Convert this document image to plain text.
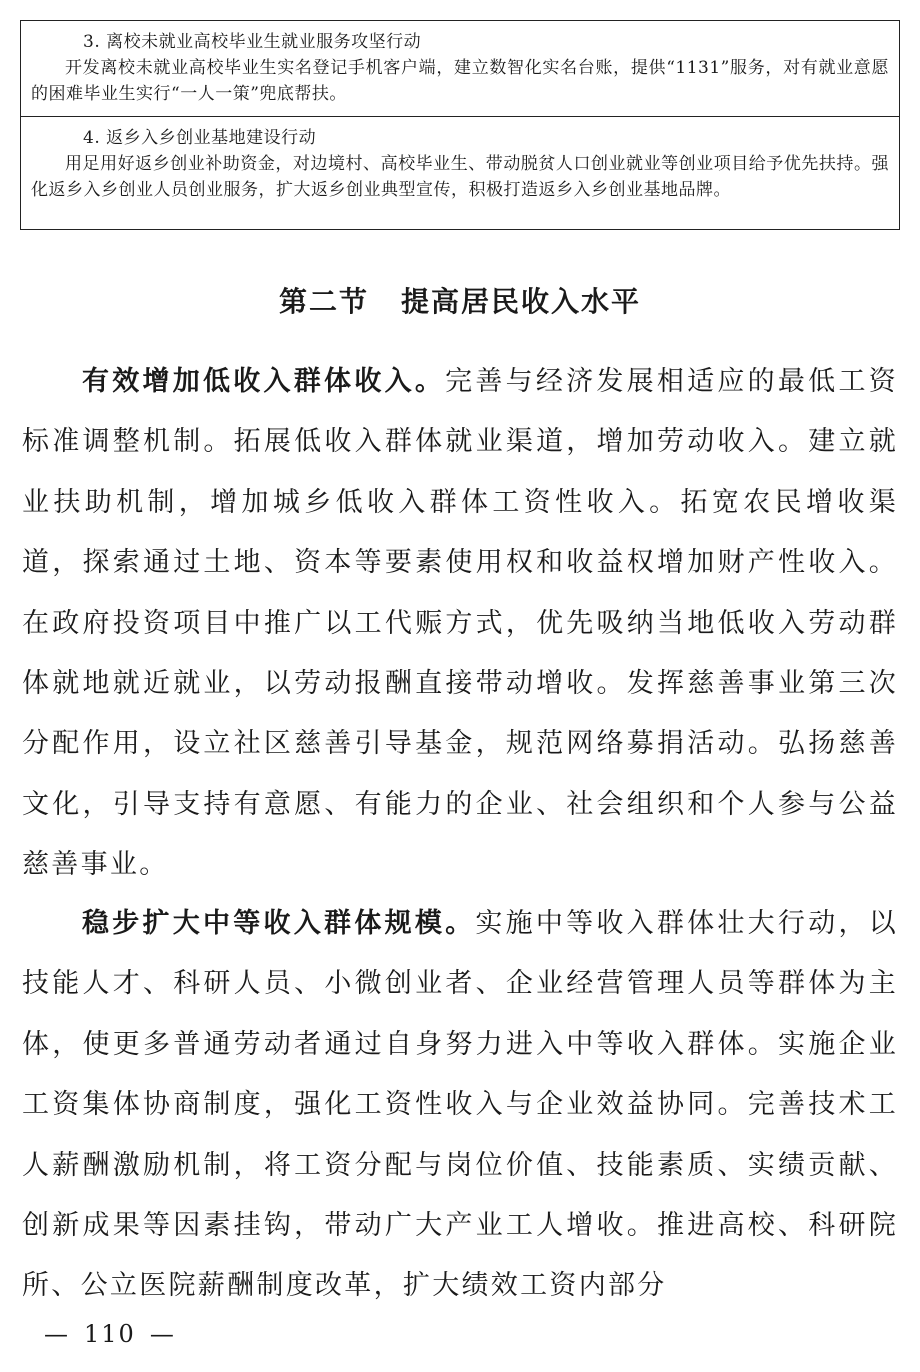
3. 离校未就业高校毕业生就业服务攻坚行动
开发离校未就业高校毕业生实名登记手机客户端，建立数智化实名台账，提供“1131”服务，对有就业意愿的困难毕业生实行“一人一策”兜底帮扶。
4. 返乡入乡创业基地建设行动
用足用好返乡创业补助资金，对边境村、高校毕业生、带动脱贫人口创业就业等创业项目给予优先扶持。强化返乡入乡创业人员创业服务，扩大返乡创业典型宣传，积极打造返乡入乡创业基地品牌。
第二节 提高居民收入水平

有效增加低收入群体收入。完善与经济发展相适应的最低工资标准调整机制。拓展低收入群体就业渠道，增加劳动收入。建立就业扶助机制，增加城乡低收入群体工资性收入。拓宽农民增收渠道，探索通过土地、资本等要素使用权和收益权增加财产性收入。在政府投资项目中推广以工代赈方式，优先吸纳当地低收入劳动群体就地就近就业，以劳动报酬直接带动增收。发挥慈善事业第三次分配作用，设立社区慈善引导基金，规范网络募捐活动。弘扬慈善文化，引导支持有意愿、有能力的企业、社会组织和个人参与公益慈善事业。

稳步扩大中等收入群体规模。实施中等收入群体壮大行动，以技能人才、科研人员、小微创业者、企业经营管理人员等群体为主体，使更多普通劳动者通过自身努力进入中等收入群体。实施企业工资集体协商制度，强化工资性收入与企业效益协同。完善技术工人薪酬激励机制，将工资分配与岗位价值、技能素质、实绩贡献、创新成果等因素挂钩，带动广大产业工人增收。推进高校、科研院所、公立医院薪酬制度改革，扩大绩效工资内部分

— 110 —
